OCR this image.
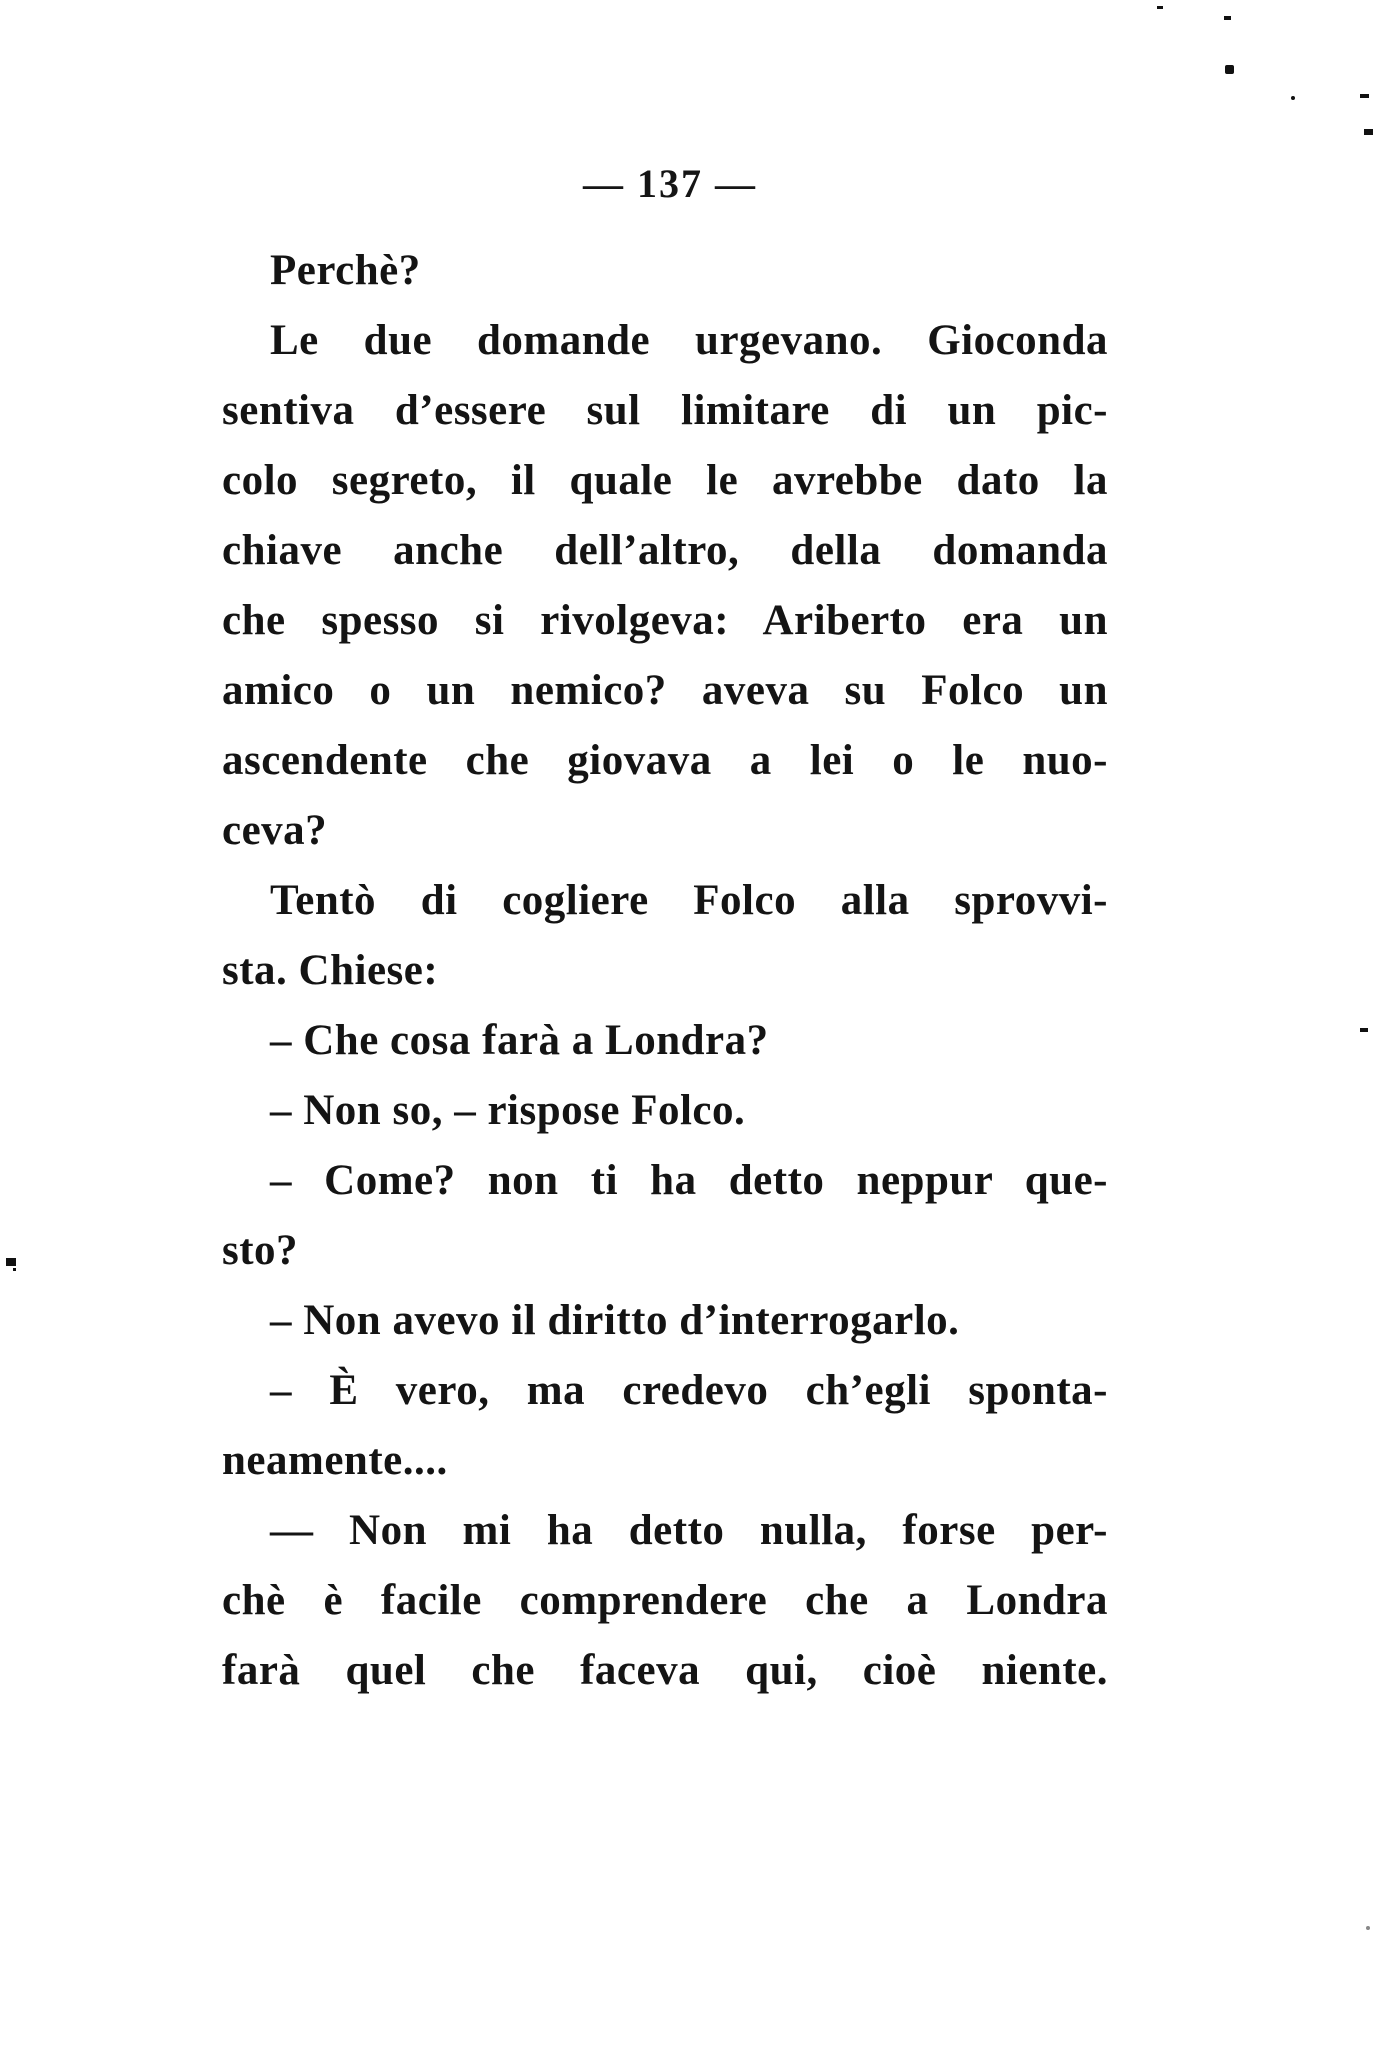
— 137 —
Perchè?
Le due domande urgevano. Gioconda
sentiva d’essere sul limitare di un pic-
colo segreto, il quale le avrebbe dato la
chiave anche dell’altro, della domanda
che spesso si rivolgeva: Ariberto era un
amico o un nemico? aveva su Folco un
ascendente che giovava a lei o le nuo-
ceva?
Tentò di cogliere Folco alla sprovvi-
sta. Chiese:
– Che cosa farà a Londra?
– Non so, – rispose Folco.
– Come? non ti ha detto neppur que-
sto?
– Non avevo il diritto d’interrogarlo.
– È vero, ma credevo ch’egli sponta-
neamente....
— Non mi ha detto nulla, forse per-
chè è facile comprendere che a Londra
farà quel che faceva qui, cioè niente.
